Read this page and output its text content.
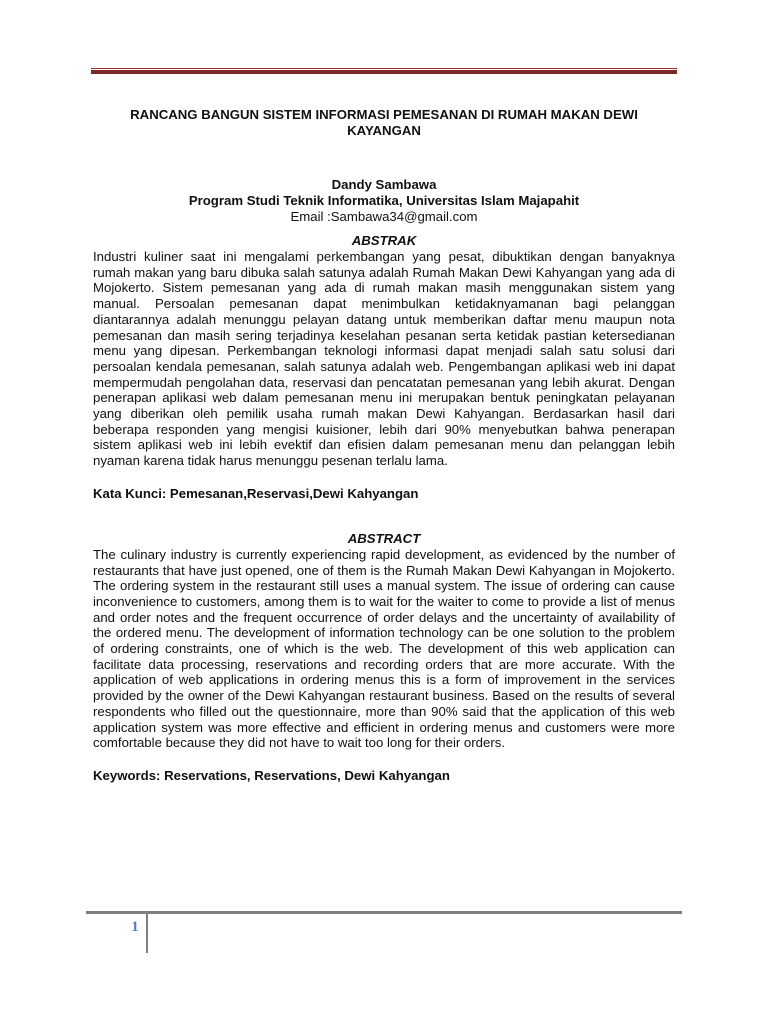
RANCANG BANGUN SISTEM INFORMASI PEMESANAN DI RUMAH MAKAN DEWI KAYANGAN
Dandy Sambawa
Program Studi Teknik Informatika, Universitas Islam Majapahit
Email :Sambawa34@gmail.com
ABSTRAK

Industri kuliner saat ini mengalami perkembangan yang pesat, dibuktikan dengan banyaknya rumah makan yang baru dibuka salah satunya adalah Rumah Makan Dewi Kahyangan yang ada di Mojokerto. Sistem pemesanan yang ada di rumah makan masih menggunakan sistem yang manual. Persoalan pemesanan dapat menimbulkan ketidaknyamanan bagi pelanggan diantarannya adalah menunggu pelayan datang untuk memberikan daftar menu maupun nota pemesanan dan masih sering terjadinya keselahan pesanan serta ketidak pastian ketersedianan menu yang dipesan. Perkembangan teknologi informasi dapat menjadi salah satu solusi dari persoalan kendala pemesanan, salah satunya adalah web. Pengembangan aplikasi web ini dapat mempermudah pengolahan data, reservasi dan pencatatan pemesanan yang lebih akurat. Dengan penerapan aplikasi web dalam pemesanan menu ini merupakan bentuk peningkatan pelayanan yang diberikan oleh pemilik usaha rumah makan Dewi Kahyangan. Berdasarkan hasil dari beberapa responden yang mengisi kuisioner, lebih dari 90% menyebutkan bahwa penerapan sistem aplikasi web ini lebih evektif dan efisien dalam pemesanan menu dan pelanggan lebih nyaman karena tidak harus menunggu pesenan terlalu lama.

Kata Kunci: Pemesanan,Reservasi,Dewi Kahyangan

ABSTRACT

The culinary industry is currently experiencing rapid development, as evidenced by the number of restaurants that have just opened, one of them is the Rumah Makan Dewi Kahyangan in Mojokerto. The ordering system in the restaurant still uses a manual system. The issue of ordering can cause inconvenience to customers, among them is to wait for the waiter to come to provide a list of menus and order notes and the frequent occurrence of order delays and the uncertainty of availability of the ordered menu. The development of information technology can be one solution to the problem of ordering constraints, one of which is the web. The development of this web application can facilitate data processing, reservations and recording orders that are more accurate. With the application of web applications in ordering menus this is a form of improvement in the services provided by the owner of the Dewi Kahyangan restaurant business. Based on the results of several respondents who filled out the questionnaire, more than 90% said that the application of this web application system was more effective and efficient in ordering menus and customers were more comfortable because they did not have to wait too long for their orders.

Keywords: Reservations, Reservations, Dewi Kahyangan

1
